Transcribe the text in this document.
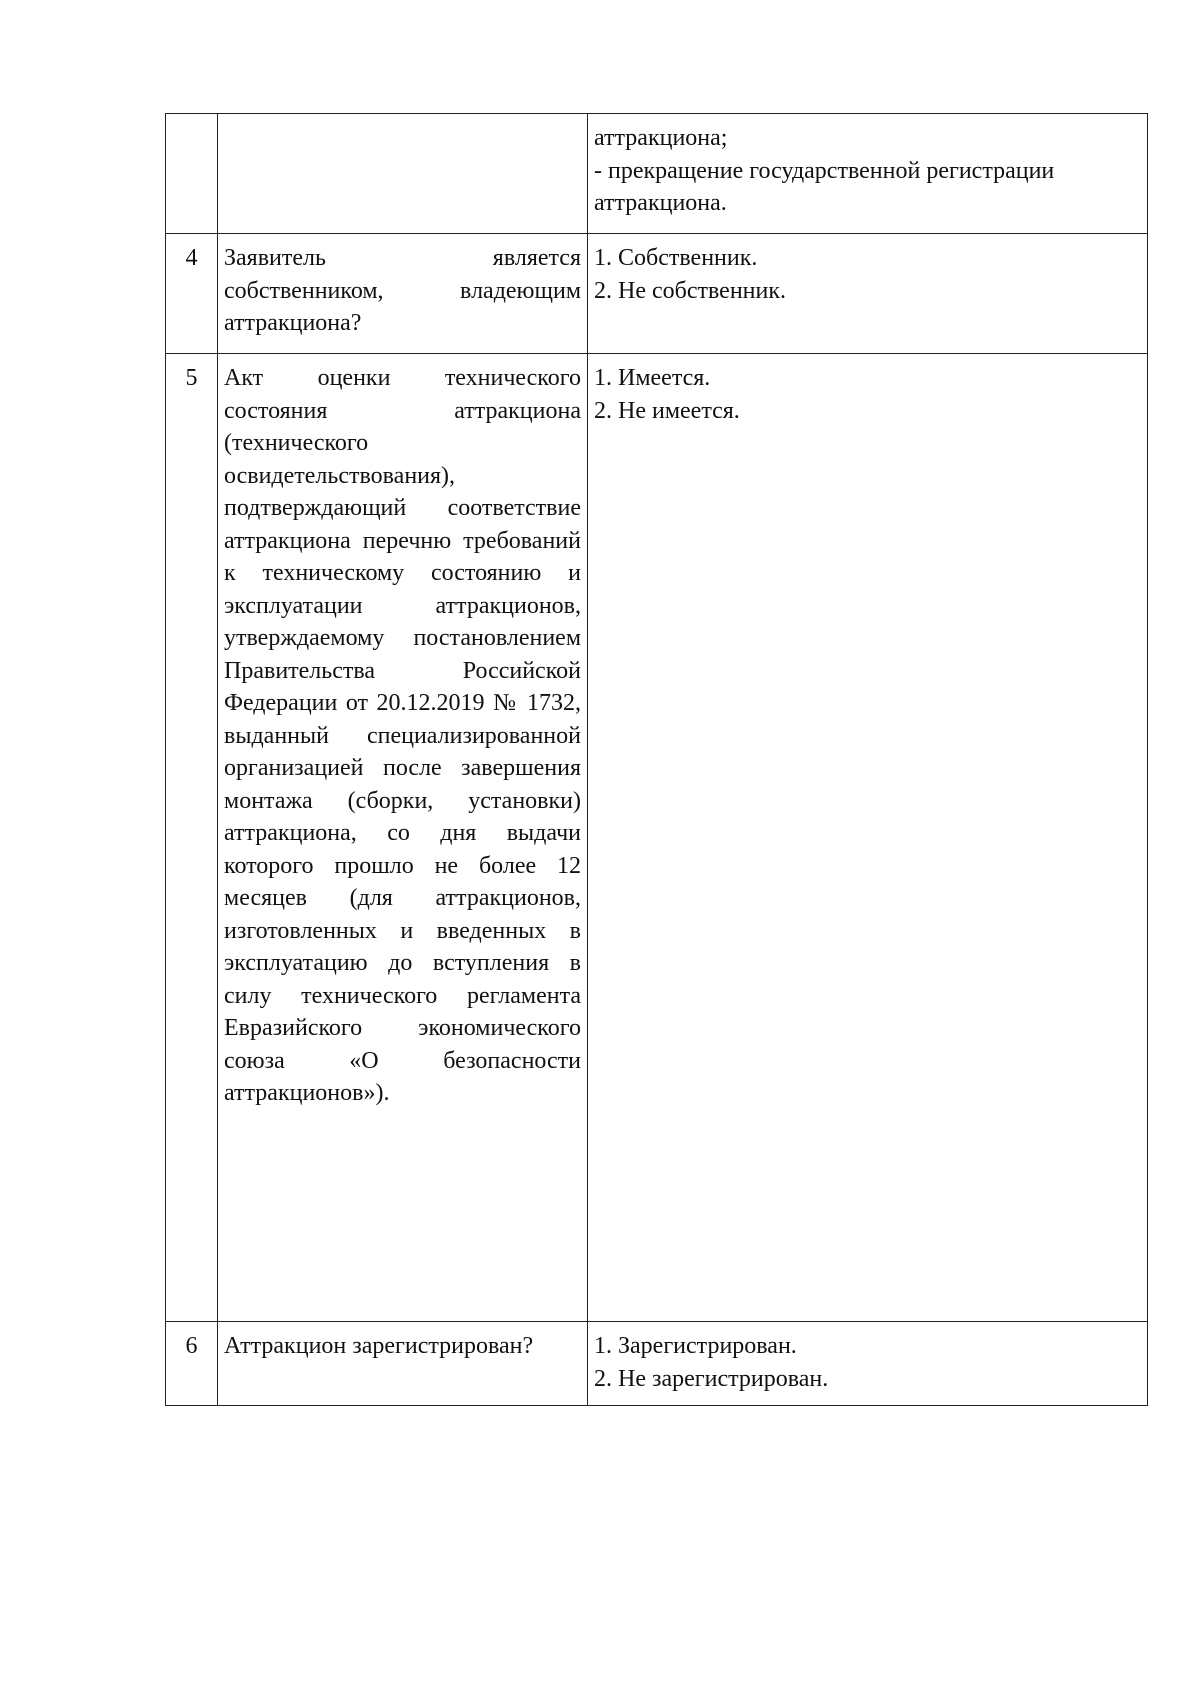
		аттракциона;
- прекращение государственной регистрации
аттракциона.

4	Заявитель является собственником, владеющим аттракциона?	1. Собственник.
2. Не собственник.

5	Акт оценки технического состояния аттракциона (технического освидетельствования), подтверждающий соответствие аттракциона перечню требований к техническому состоянию и эксплуатации аттракционов, утверждаемому постановлением Правительства Российской Федерации от 20.12.2019 № 1732, выданный специализированной организацией после завершения монтажа (сборки, установки) аттракциона, со дня выдачи которого прошло не более 12 месяцев (для аттракционов, изготовленных и введенных в эксплуатацию до вступления в силу технического регламента Евразийского экономического союза «О безопасности аттракционов»).	1. Имеется.
2. Не имеется.

6	Аттракцион зарегистрирован?	1. Зарегистрирован.
2. Не зарегистрирован.
